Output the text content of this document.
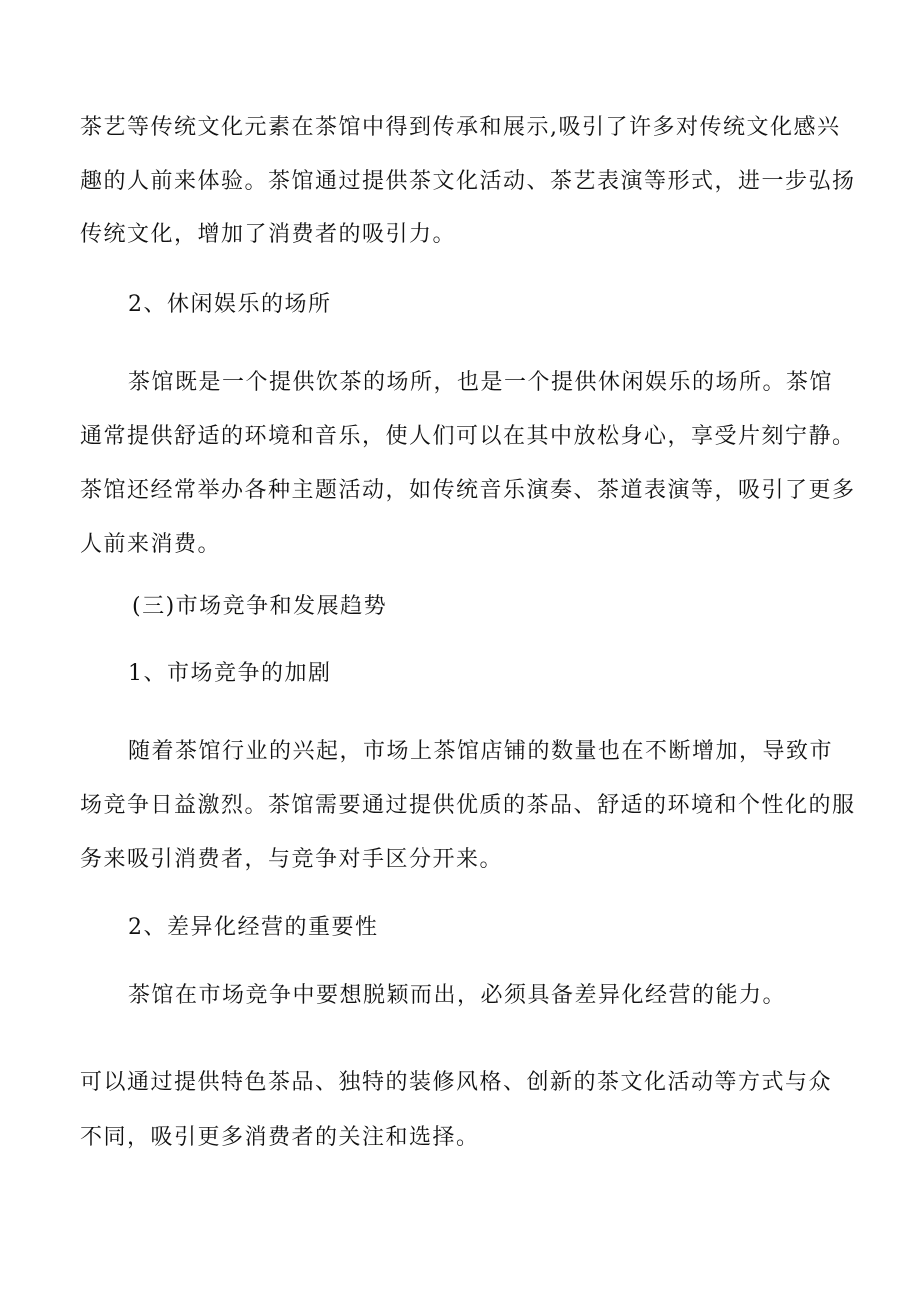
茶艺等传统文化元素在茶馆中得到传承和展示,吸引了许多对传统文化感兴
趣的人前来体验。茶馆通过提供茶文化活动、茶艺表演等形式，进一步弘扬
传统文化，增加了消费者的吸引力。
2、休闲娱乐的场所
茶馆既是一个提供饮茶的场所，也是一个提供休闲娱乐的场所。茶馆
通常提供舒适的环境和音乐，使人们可以在其中放松身心，享受片刻宁静。
茶馆还经常举办各种主题活动，如传统音乐演奏、茶道表演等，吸引了更多
人前来消费。
(三)市场竞争和发展趋势
1、市场竞争的加剧
随着茶馆行业的兴起，市场上茶馆店铺的数量也在不断增加，导致市
场竞争日益激烈。茶馆需要通过提供优质的茶品、舒适的环境和个性化的服
务来吸引消费者，与竞争对手区分开来。
2、差异化经营的重要性
茶馆在市场竞争中要想脱颖而出，必须具备差异化经营的能力。
可以通过提供特色茶品、独特的装修风格、创新的茶文化活动等方式与众
不同，吸引更多消费者的关注和选择。
